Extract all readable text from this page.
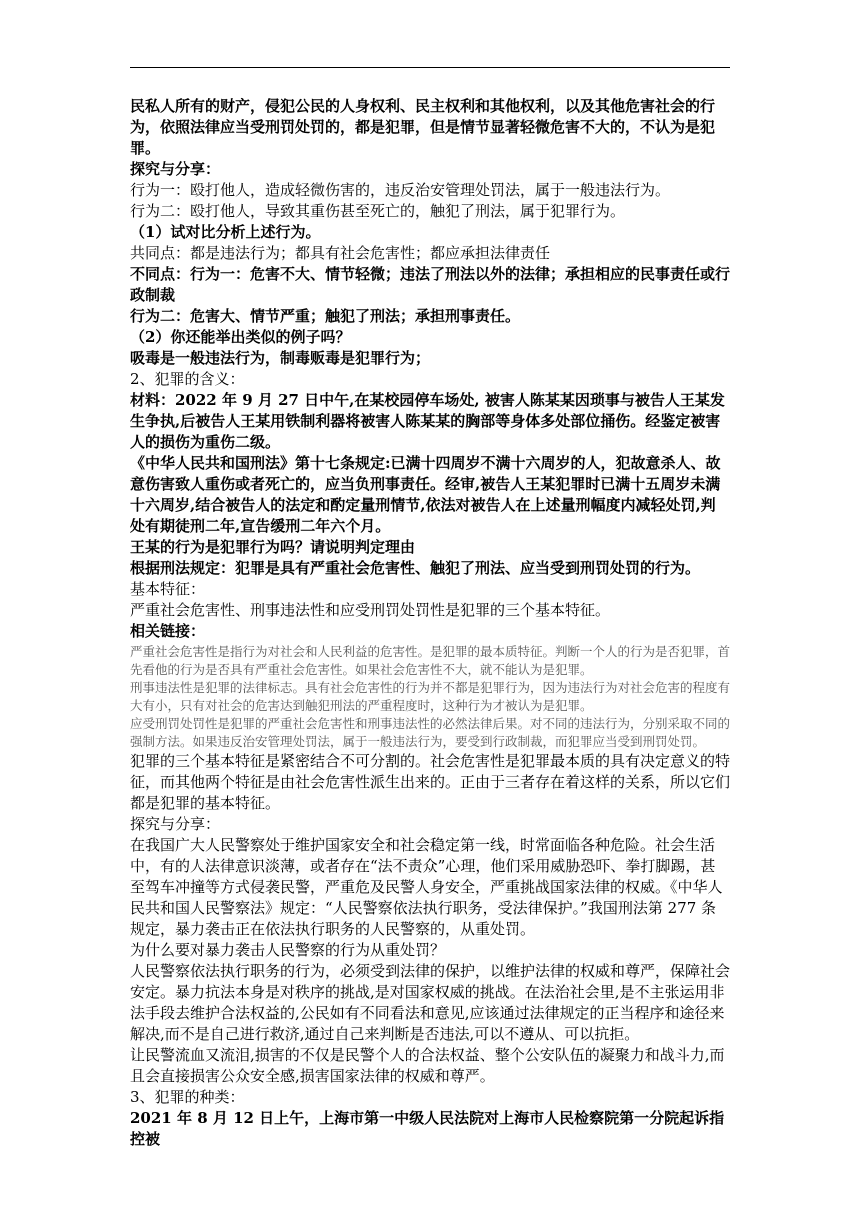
民私人所有的财产，侵犯公民的人身权利、民主权利和其他权利，以及其他危害社会的行为，依照法律应当受刑罚处罚的，都是犯罪，但是情节显著轻微危害不大的，不认为是犯罪。

探究与分享：

行为一：殴打他人，造成轻微伤害的，违反治安管理处罚法，属于一般违法行为。

行为二：殴打他人，导致其重伤甚至死亡的，触犯了刑法，属于犯罪行为。

（1）试对比分析上述行为。

共同点：都是违法行为；都具有社会危害性；都应承担法律责任

不同点：行为一：危害不大、情节轻微；违法了刑法以外的法律；承担相应的民事责任或行政制裁

行为二：危害大、情节严重；触犯了刑法；承担刑事责任。

（2）你还能举出类似的例子吗？

吸毒是一般违法行为，制毒贩毒是犯罪行为；

2、犯罪的含义：

材料：2022 年 9 月 27 日中午,在某校园停车场处, 被害人陈某某因琐事与被告人王某发生争执,后被告人王某用铁制利器将被害人陈某某的胸部等身体多处部位捅伤。经鉴定被害人的损伤为重伤二级。

《中华人民共和国刑法》第十七条规定:已满十四周岁不满十六周岁的人，犯故意杀人、故意伤害致人重伤或者死亡的，应当负刑事责任。经审,被告人王某犯罪时已满十五周岁未满十六周岁,结合被告人的法定和酌定量刑情节,依法对被告人在上述量刑幅度内减轻处罚,判处有期徒刑二年,宣告缓刑二年六个月。

王某的行为是犯罪行为吗？请说明判定理由

根据刑法规定：犯罪是具有严重社会危害性、触犯了刑法、应当受到刑罚处罚的行为。

基本特征：

严重社会危害性、刑事违法性和应受刑罚处罚性是犯罪的三个基本特征。

相关链接：

严重社会危害性是指行为对社会和人民利益的危害性。是犯罪的最本质特征。判断一个人的行为是否犯罪，首先看他的行为是否具有严重社会危害性。如果社会危害性不大，就不能认为是犯罪。

刑事违法性是犯罪的法律标志。具有社会危害性的行为并不都是犯罪行为，因为违法行为对社会危害的程度有大有小，只有对社会的危害达到触犯刑法的严重程度时，这种行为才被认为是犯罪。

应受刑罚处罚性是犯罪的严重社会危害性和刑事违法性的必然法律后果。对不同的违法行为，分别采取不同的强制方法。如果违反治安管理处罚法，属于一般违法行为，要受到行政制裁，而犯罪应当受到刑罚处罚。

犯罪的三个基本特征是紧密结合不可分割的。社会危害性是犯罪最本质的具有决定意义的特征，而其他两个特征是由社会危害性派生出来的。正由于三者存在着这样的关系，所以它们都是犯罪的基本特征。

探究与分享：

在我国广大人民警察处于维护国家安全和社会稳定第一线，时常面临各种危险。社会生活中，有的人法律意识淡薄，或者存在“法不责众”心理，他们采用威胁恐吓、拳打脚踢，甚至驾车冲撞等方式侵袭民警，严重危及民警人身安全，严重挑战国家法律的权威。《中华人民共和国人民警察法》规定：“人民警察依法执行职务，受法律保护。”我国刑法第 277 条规定，暴力袭击正在依法执行职务的人民警察的，从重处罚。

为什么要对暴力袭击人民警察的行为从重处罚？

人民警察依法执行职务的行为，必须受到法律的保护，以维护法律的权威和尊严，保障社会安定。暴力抗法本身是对秩序的挑战,是对国家权威的挑战。在法治社会里,是不主张运用非法手段去维护合法权益的,公民如有不同看法和意见,应该通过法律规定的正当程序和途径来解决,而不是自己进行救济,通过自己来判断是否违法,可以不遵从、可以抗拒。

让民警流血又流泪,损害的不仅是民警个人的合法权益、整个公安队伍的凝聚力和战斗力,而且会直接损害公众安全感,损害国家法律的权威和尊严。

3、犯罪的种类：

2021 年 8 月 12 日上午，上海市第一中级人民法院对上海市人民检察院第一分院起诉指控被
